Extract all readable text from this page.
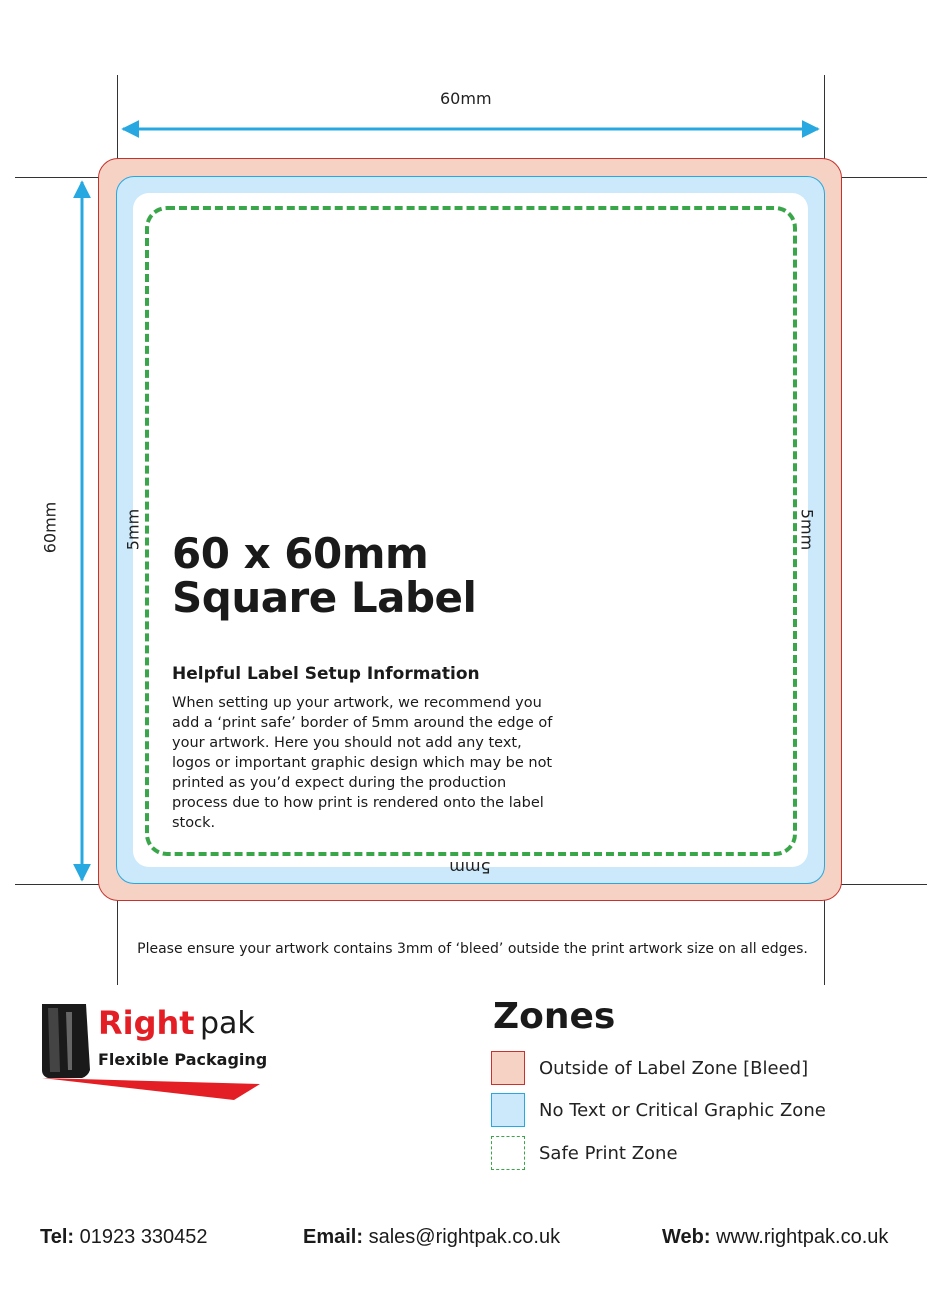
60mm
60mm	5mm	5mm
5mm
60 x 60mm
Square Label
Helpful Label Setup Information
When setting up your artwork, we recommend you add a ‘print safe’ border of 5mm around the edge of your artwork. Here you should not add any text, logos or important graphic design which may be not printed as you’d expect during the production process due to how print is rendered onto the label stock.
Please ensure your artwork contains 3mm of ‘bleed’ outside the print artwork size on all edges.
Right pak
Flexible Packaging
Zones
Outside of Label Zone [Bleed]
No Text or Critical Graphic Zone
Safe Print Zone
Tel: 01923 330452	Email: sales@rightpak.co.uk	Web: www.rightpak.co.uk
